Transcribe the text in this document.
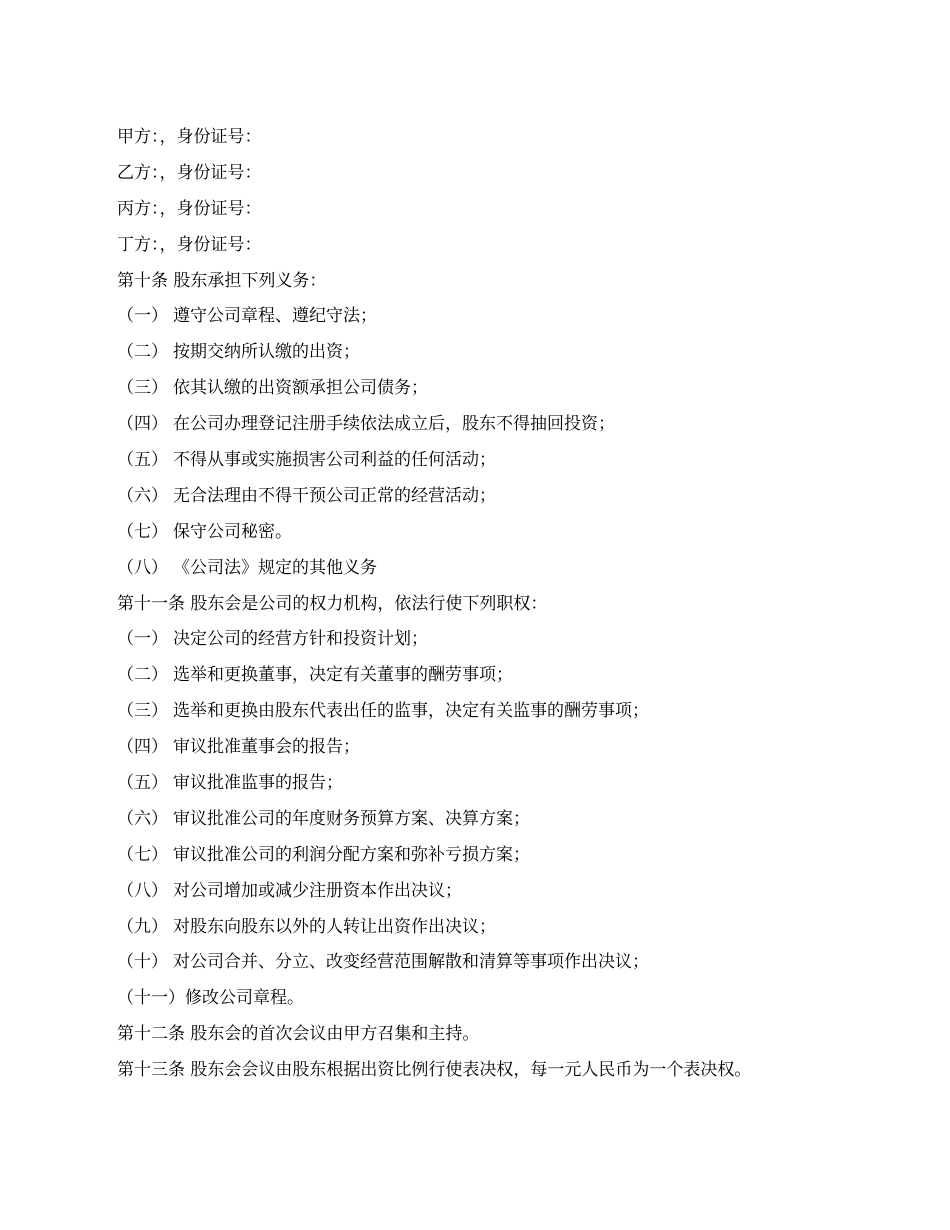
甲方：，身份证号：
乙方：，身份证号：
丙方：，身份证号：
丁方：，身份证号：
第十条 股东承担下列义务：
（一） 遵守公司章程、遵纪守法；
（二） 按期交纳所认缴的出资；
（三） 依其认缴的出资额承担公司债务；
（四） 在公司办理登记注册手续依法成立后，股东不得抽回投资；
（五） 不得从事或实施损害公司利益的任何活动；
（六） 无合法理由不得干预公司正常的经营活动；
（七） 保守公司秘密。
（八） 《公司法》规定的其他义务
第十一条 股东会是公司的权力机构，依法行使下列职权：
（一） 决定公司的经营方针和投资计划；
（二） 选举和更换董事，决定有关董事的酬劳事项；
（三） 选举和更换由股东代表出任的监事，决定有关监事的酬劳事项；
（四） 审议批准董事会的报告；
（五） 审议批准监事的报告；
（六） 审议批准公司的年度财务预算方案、决算方案；
（七） 审议批准公司的利润分配方案和弥补亏损方案；
（八） 对公司增加或减少注册资本作出决议；
（九） 对股东向股东以外的人转让出资作出决议；
（十） 对公司合并、分立、改变经营范围解散和清算等事项作出决议；
（十一）修改公司章程。
第十二条 股东会的首次会议由甲方召集和主持。
第十三条 股东会会议由股东根据出资比例行使表决权，每一元人民币为一个表决权。
